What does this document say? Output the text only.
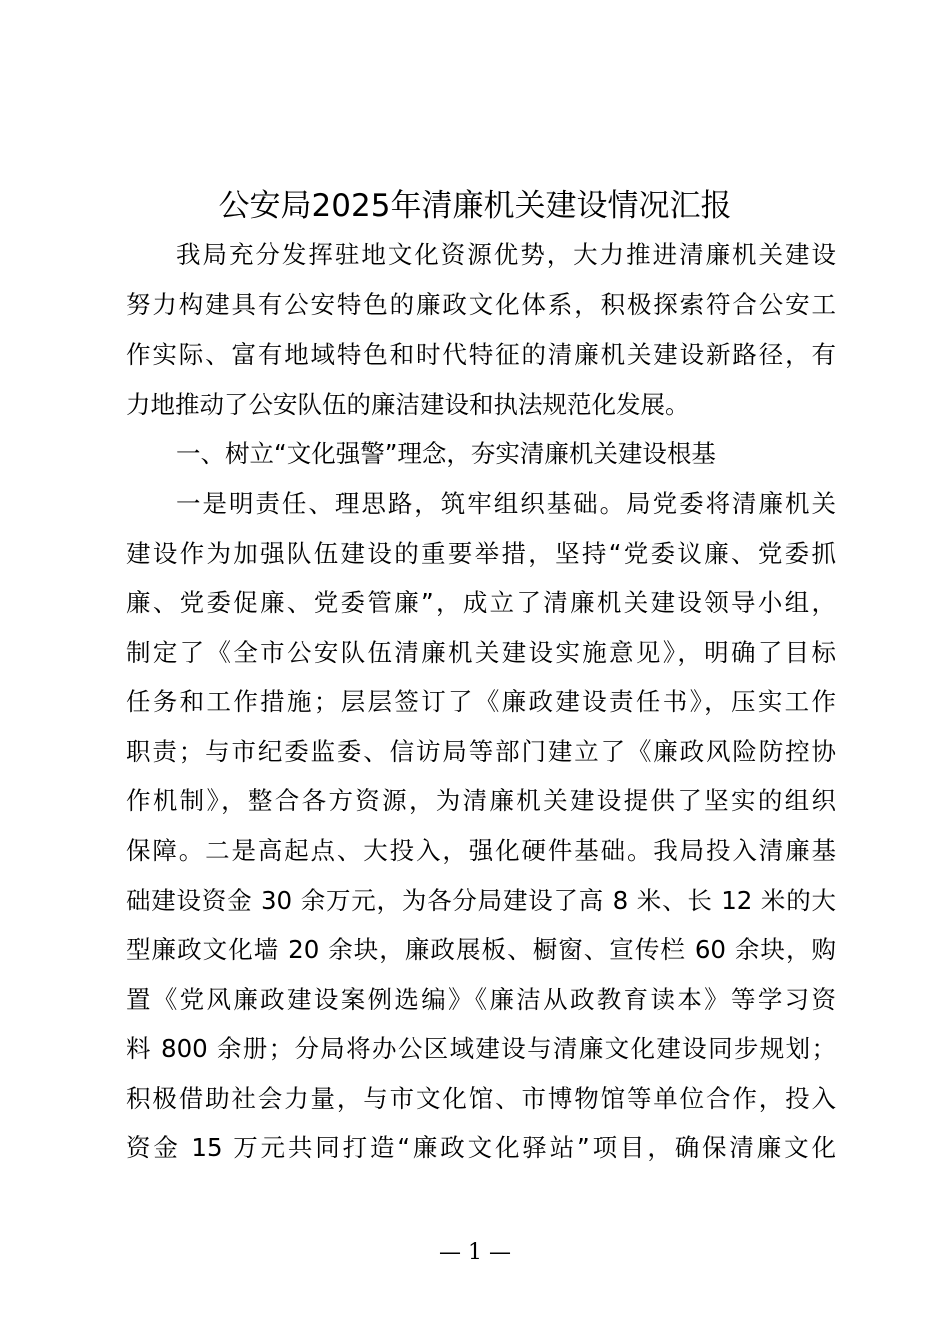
公安局2025年清廉机关建设情况汇报
我局充分发挥驻地文化资源优势，大力推进清廉机关建设
努力构建具有公安特色的廉政文化体系，积极探索符合公安工
作实际、富有地域特色和时代特征的清廉机关建设新路径，有
力地推动了公安队伍的廉洁建设和执法规范化发展。
一、树立“文化强警”理念，夯实清廉机关建设根基
一是明责任、理思路，筑牢组织基础。局党委将清廉机关
建设作为加强队伍建设的重要举措，坚持“党委议廉、党委抓
廉、党委促廉、党委管廉”，成立了清廉机关建设领导小组，
制定了《全市公安队伍清廉机关建设实施意见》，明确了目标
任务和工作措施；层层签订了《廉政建设责任书》，压实工作
职责；与市纪委监委、信访局等部门建立了《廉政风险防控协
作机制》，整合各方资源，为清廉机关建设提供了坚实的组织
保障。二是高起点、大投入，强化硬件基础。我局投入清廉基
础建设资金 30 余万元，为各分局建设了高 8 米、长 12 米的大
型廉政文化墙 20 余块，廉政展板、橱窗、宣传栏 60 余块，购
置《党风廉政建设案例选编》《廉洁从政教育读本》等学习资
料 800 余册；分局将办公区域建设与清廉文化建设同步规划；
积极借助社会力量，与市文化馆、市博物馆等单位合作，投入
资金 15 万元共同打造“廉政文化驿站”项目，确保清廉文化
— 1 —
